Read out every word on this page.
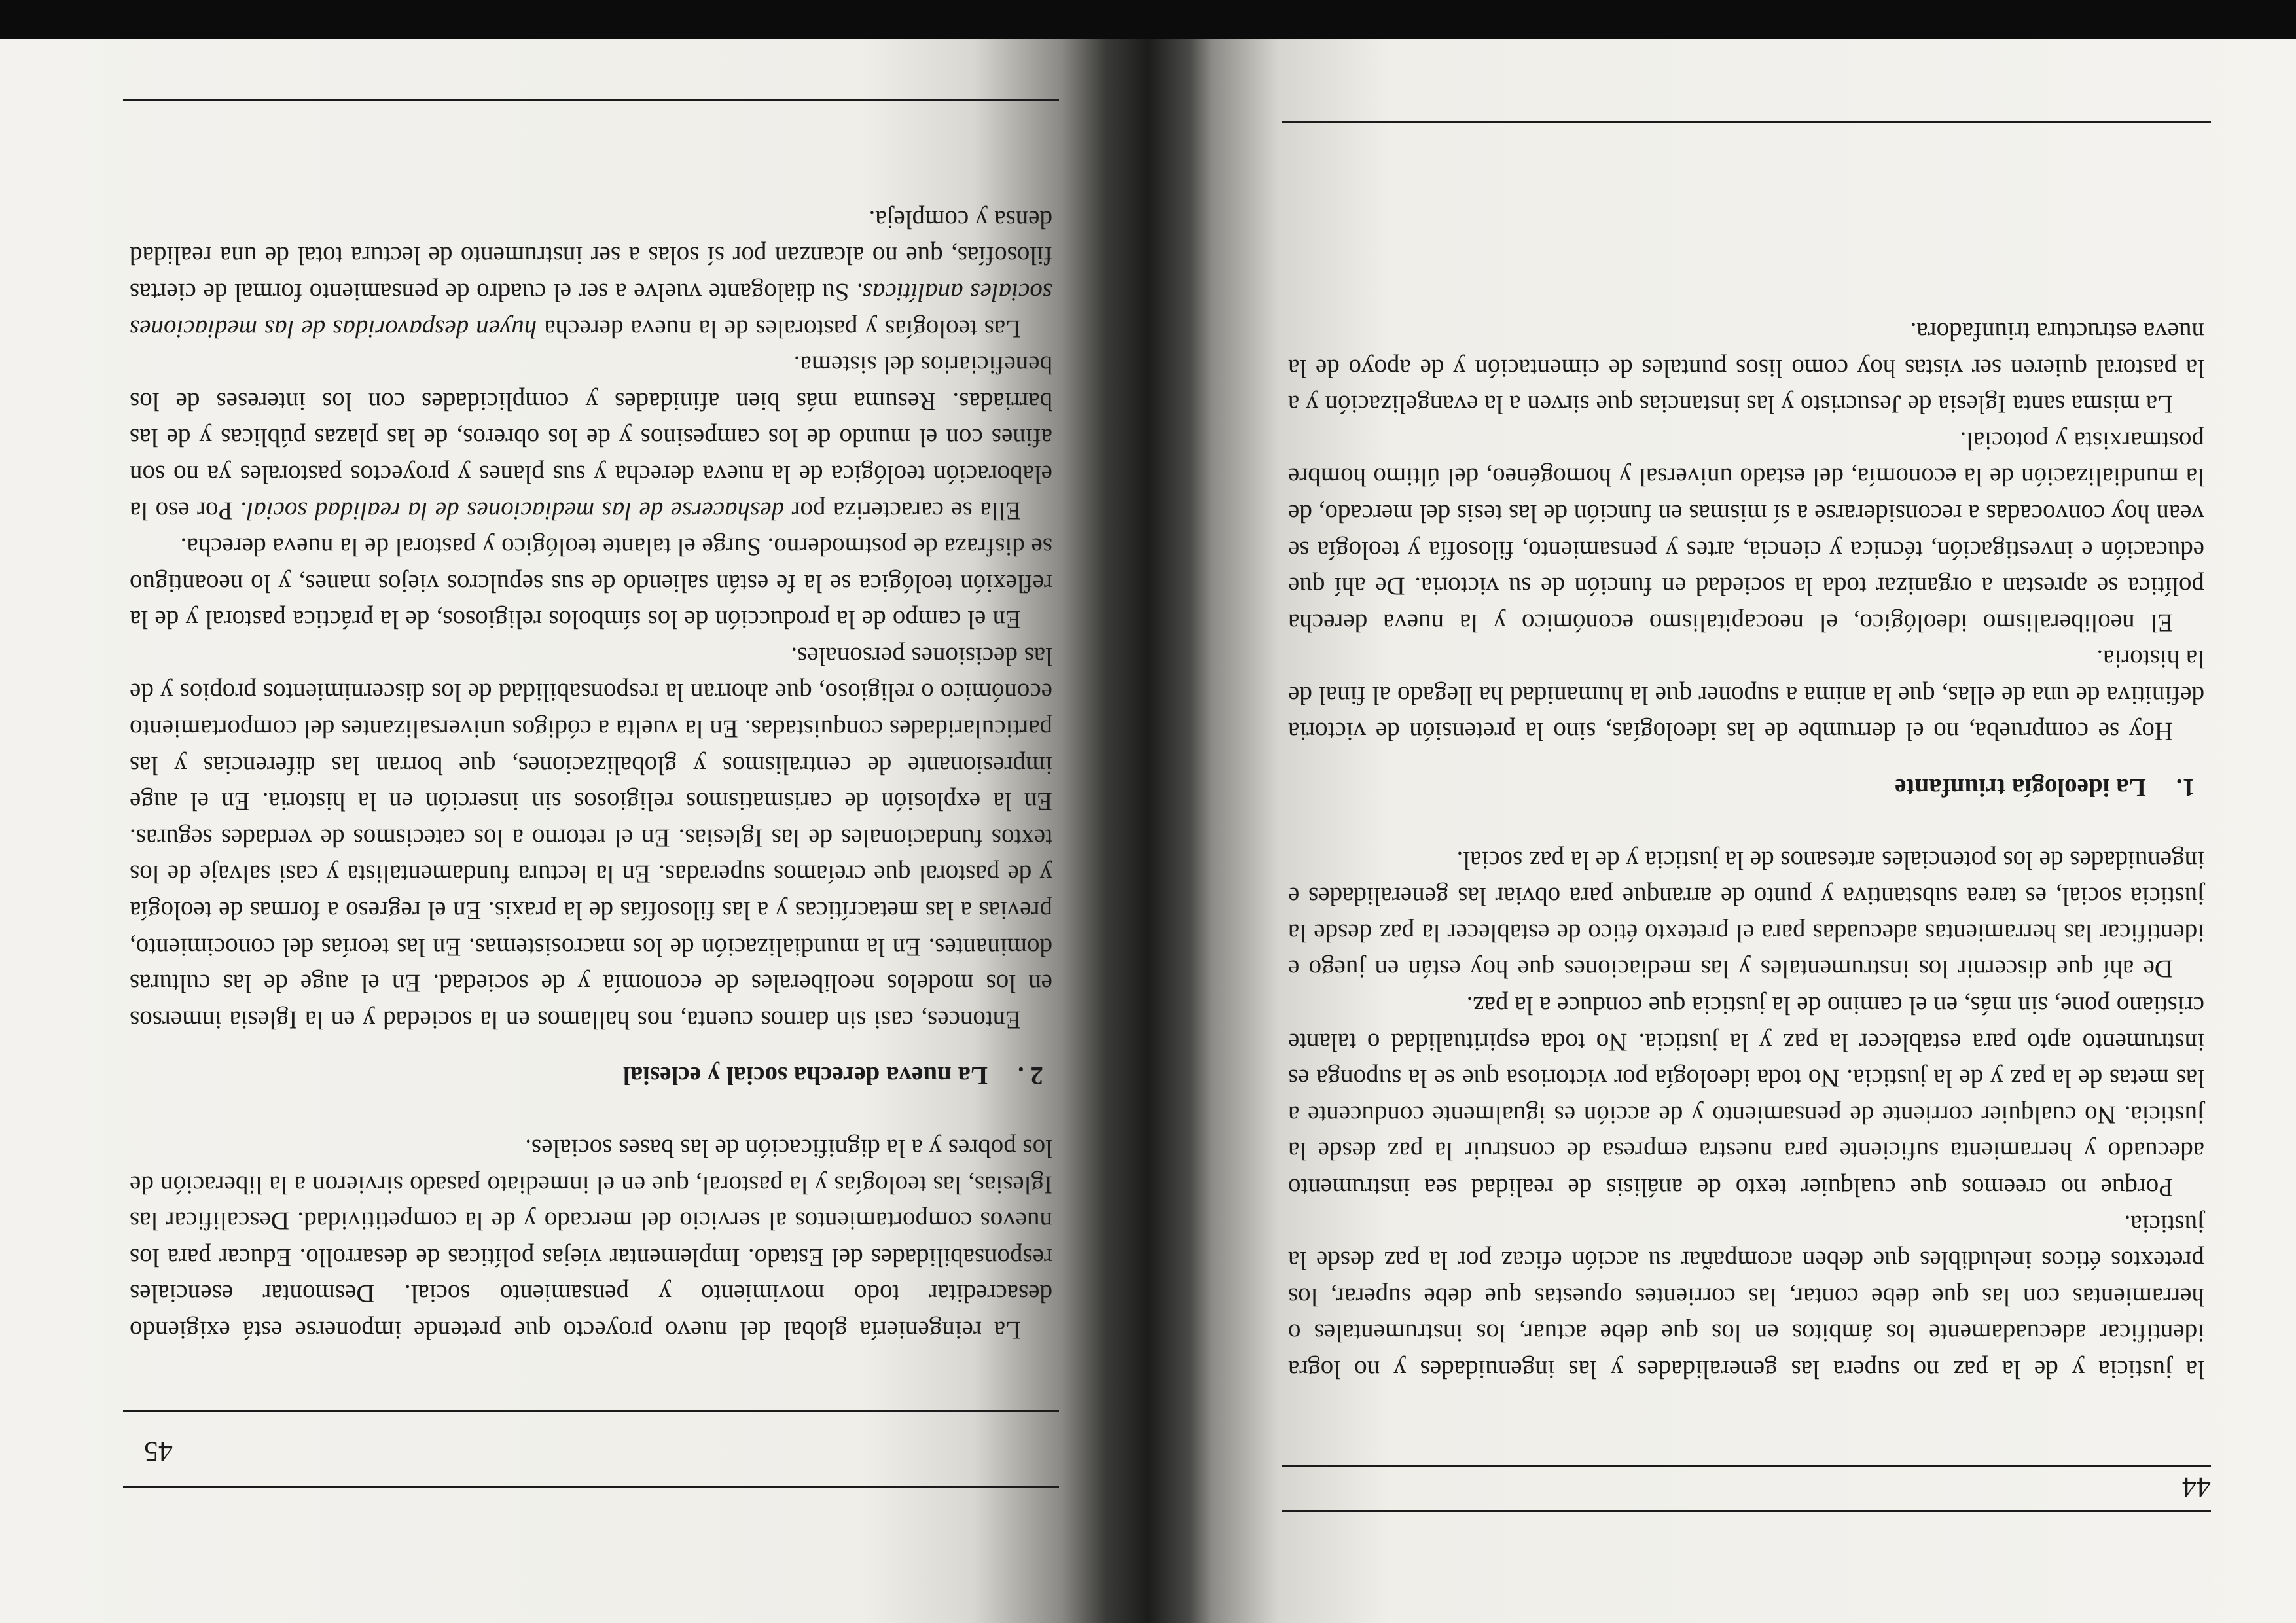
44

la justicia y de la paz no supera las generalidades y las ingenuidades y no logra identificar adecuadamente los ámbitos en los que debe actuar, los instrumentales o herramientas con las que debe contar, las corrientes opuestas que debe superar, los pretextos éticos ineludibles que deben acompañar su acción eficaz por la paz desde la justicia.

Porque no creemos que cualquier texto de análisis de realidad sea instrumento adecuado y herramienta suficiente para nuestra empresa de construir la paz desde la justicia. No cualquier corriente de pensamiento y de acción es igualmente conducente a las metas de la paz y de la justicia. No toda ideología por victoriosa que se la suponga es instrumento apto para establecer la paz y la justicia. No toda espiritualidad o talante cristiano pone, sin más, en el camino de la justicia que conduce a la paz.

De ahí que discernir los instrumentales y las mediaciones que hoy están en juego e identificar las herramientas adecuadas para el pretexto ético de establecer la paz desde la justicia social, es tarea substantiva y punto de arranque para obviar las generalidades e ingenuidades de los potenciales artesanos de la justicia y de la paz social.

1.
La ideología triunfante

Hoy se comprueba, no el derrumbe de las ideologías, sino la pretensión de victoria definitiva de una de ellas, que la anima a suponer que la humanidad ha llegado al final de la historia.

El neoliberalismo ideológico, el neocapitalismo económico y la nueva derecha política se aprestan a organizar toda la sociedad en función de su victoria. De ahí que educación e investigación, técnica y ciencia, artes y pensamiento, filosofía y teología se vean hoy convocadas a reconsiderarse a sí mismas en función de las tesis del mercado, de la mundialización de la economía, del estado universal y homogéneo, del último hombre postmarxista y potocial.

La misma santa Iglesia de Jesucristo y las instancias que sirven a la evangelización y a la pastoral quieren ser vistas hoy como lisos puntales de cimentación y de apoyo de la nueva estructura triunfadora.

45

La reingeniería global del nuevo proyecto que pretende imponerse está exigiendo desacreditar todo movimiento y pensamiento social. Desmontar esenciales responsabilidades del Estado. Implementar viejas políticas de desarrollo. Educar para los nuevos comportamientos al servicio del mercado y de la competitividad. Descalificar las Iglesias, las teologías y la pastoral, que en el inmediato pasado sirvieron a la liberación de los pobres y a la dignificación de las bases sociales.

2 .
La nueva derecha social y eclesial

Entonces, casi sin darnos cuenta, nos hallamos en la sociedad y en la Iglesia inmersos en los modelos neoliberales de economía y de sociedad. En el auge de las culturas dominantes. En la mundialización de los macrosistemas. En las teorías del conocimiento, previas a las metacríticas y a las filosofías de la praxis. En el regreso a formas de teología y de pastoral que creíamos superadas. En la lectura fundamentalista y casi salvaje de los textos fundacionales de las Iglesias. En el retorno a los catecismos de verdades seguras. En la explosión de carismatismos religiosos sin inserción en la historia. En el auge impresionante de centralismos y globalizaciones, que borran las diferencias y las particularidades conquistadas. En la vuelta a códigos universalizantes del comportamiento económico o religioso, que ahorran la responsabilidad de los discernimientos propios y de las decisiones personales.

En el campo de la producción de los símbolos religiosos, de la práctica pastoral y de la reflexión teológica se la fe están saliendo de sus sepulcros viejos manes, y lo neoantiguo se disfraza de postmodernо. Surge el talante teológico y pastoral de la nueva derecha.

Ella se caracteriza por deshacerse de las mediaciones de la realidad social. Por eso la elaboración teológica de la nueva derecha y sus planes y proyectos pastorales ya no son afines con el mundo de los campesinos y de los obreros, de las plazas públicas y de las barriadas. Resuma más bien afinidades y complicidades con los intereses de los beneficiarios del sistema.

Las teologías y pastorales de la nueva derecha huyen despavoridas de las mediaciones sociales analíticas. Su dialogante vuelve a ser el cuadro de pensamiento formal de ciertas filosofías, que no alcanzan por sí solas a ser instrumento de lectura total de una realidad densa y compleja.
